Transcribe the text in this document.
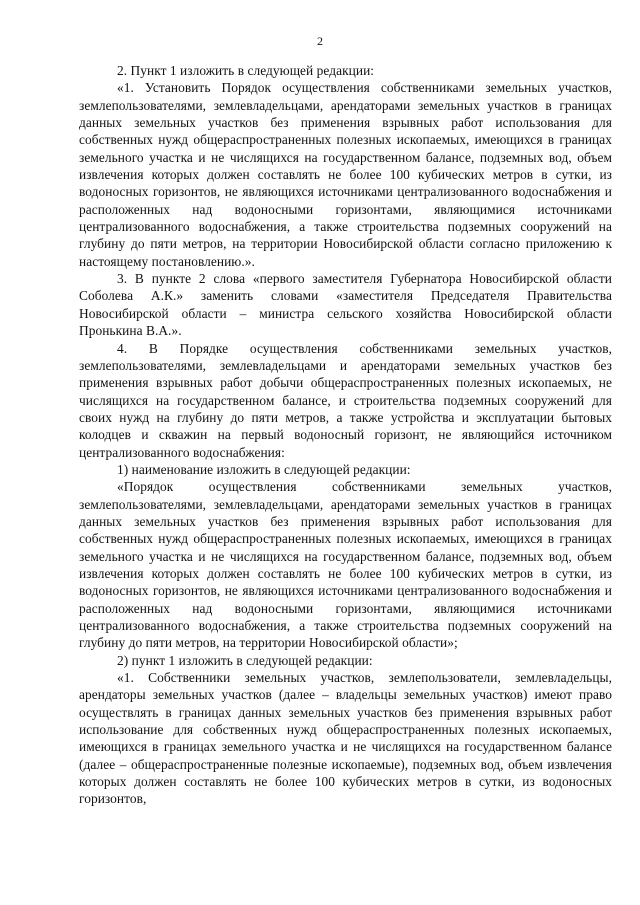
2

2. Пункт 1 изложить в следующей редакции:

«1. Установить Порядок осуществления собственниками земельных участков, землепользователями, землевладельцами, арендаторами земельных участков в границах данных земельных участков без применения взрывных работ использования для собственных нужд общераспространенных полезных ископаемых, имеющихся в границах земельного участка и не числящихся на государственном балансе, подземных вод, объем извлечения которых должен составлять не более 100 кубических метров в сутки, из водоносных горизонтов, не являющихся источниками централизованного водоснабжения и расположенных над водоносными горизонтами, являющимися источниками централизованного водоснабжения, а также строительства подземных сооружений на глубину до пяти метров, на территории Новосибирской области согласно приложению к настоящему постановлению.».

3. В пункте 2 слова «первого заместителя Губернатора Новосибирской области Соболева А.К.» заменить словами «заместителя Председателя Правительства Новосибирской области – министра сельского хозяйства Новосибирской области Пронькина В.А.».

4. В Порядке осуществления собственниками земельных участков, землепользователями, землевладельцами и арендаторами земельных участков без применения взрывных работ добычи общераспространенных полезных ископаемых, не числящихся на государственном балансе, и строительства подземных сооружений для своих нужд на глубину до пяти метров, а также устройства и эксплуатации бытовых колодцев и скважин на первый водоносный горизонт, не являющийся источником централизованного водоснабжения:

1) наименование изложить в следующей редакции:

«Порядок осуществления собственниками земельных участков, землепользователями, землевладельцами, арендаторами земельных участков в границах данных земельных участков без применения взрывных работ использования для собственных нужд общераспространенных полезных ископаемых, имеющихся в границах земельного участка и не числящихся на государственном балансе, подземных вод, объем извлечения которых должен составлять не более 100 кубических метров в сутки, из водоносных горизонтов, не являющихся источниками централизованного водоснабжения и расположенных над водоносными горизонтами, являющимися источниками централизованного водоснабжения, а также строительства подземных сооружений на глубину до пяти метров, на территории Новосибирской области»;

2) пункт 1 изложить в следующей редакции:

«1. Собственники земельных участков, землепользователи, землевладельцы, арендаторы земельных участков (далее – владельцы земельных участков) имеют право осуществлять в границах данных земельных участков без применения взрывных работ использование для собственных нужд общераспространенных полезных ископаемых, имеющихся в границах земельного участка и не числящихся на государственном балансе (далее – общераспространенные полезные ископаемые), подземных вод, объем извлечения которых должен составлять не более 100 кубических метров в сутки, из водоносных горизонтов,
